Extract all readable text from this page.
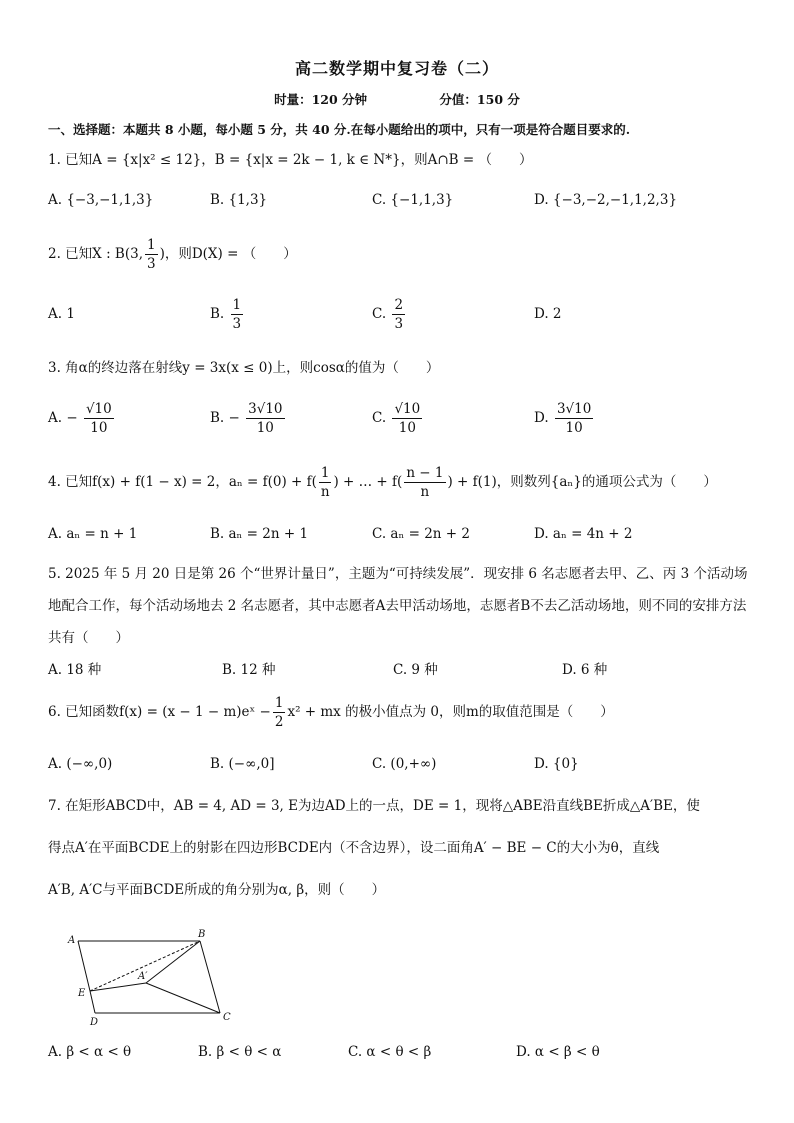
高二数学期中复习卷（二）
时量：120 分钟	分值：150 分
一、选择题：本题共 8 小题，每小题 5 分，共 40 分.在每小题给出的项中，只有一项是符合题目要求的.
1. 已知A = {x|x² ≤ 12}，B = {x|x = 2k − 1, k ∈ N*}，则A∩B = （　　）
A. {−3,−1,1,3}	B. {1,3}	C. {−1,1,3}	D. {−3,−2,−1,1,2,3}
2. 已知X : B(3, $\frac{1}{3}$ )，则D(X) = （　　）
A. 1	B. $\frac{1}{3}$	C. $\frac{2}{3}$	D. 2
3. 角α的终边落在射线y = 3x(x ≤ 0)上，则cosα的值为（　　）
A. − $\frac{√10}{10}$	B. − $\frac{3√10}{10}$	C. $\frac{√10}{10}$	D. $\frac{3√10}{10}$
4. 已知f(x) + f(1 − x) = 2，$a_n = f(0) + f( \frac{1}{n}$ ) + … + $f( \frac{n - 1}{n}$ ) + f(1)，则数列{aₙ}的通项公式为（　　）
A. aₙ = n + 1	B. aₙ = 2n + 1	C. aₙ = 2n + 2	D. aₙ = 4n + 2
5. 2025 年 5 月 20 日是第 26 个“世界计量日”，主题为“可持续发展”．现安排 6 名志愿者去甲、乙、丙 3 个活动场地配合工作，每个活动场地去 2 名志愿者，其中志愿者A去甲活动场地，志愿者B不去乙活动场地，则不同的安排方法共有（　　）
A. 18 种	B. 12 种	C. 9 种	D. 6 种
6. 已知函数f(x) = (x − 1 − m)eˣ − $\frac{1}{2} x^2$ + mx 的极小值点为 0，则m的取值范围是（　　）
A. (−∞,0)	B. (−∞,0]	C. (0,+∞)	D. {0}
7. 在矩形ABCD中，AB = 4, AD = 3, E为边AD上的一点，DE = 1，现将△ABE沿直线BE折成△A′BE，使
得点A′在平面BCDE上的射影在四边形BCDE内（不含边界），设二面角A′ − BE − C的大小为θ，直线
A′B, A′C与平面BCDE所成的角分别为α, β，则（　　）
A
B
A′
E
D	C
A. β < α < θ	B. β < θ < α	C. α < θ < β	D. α < β < θ
